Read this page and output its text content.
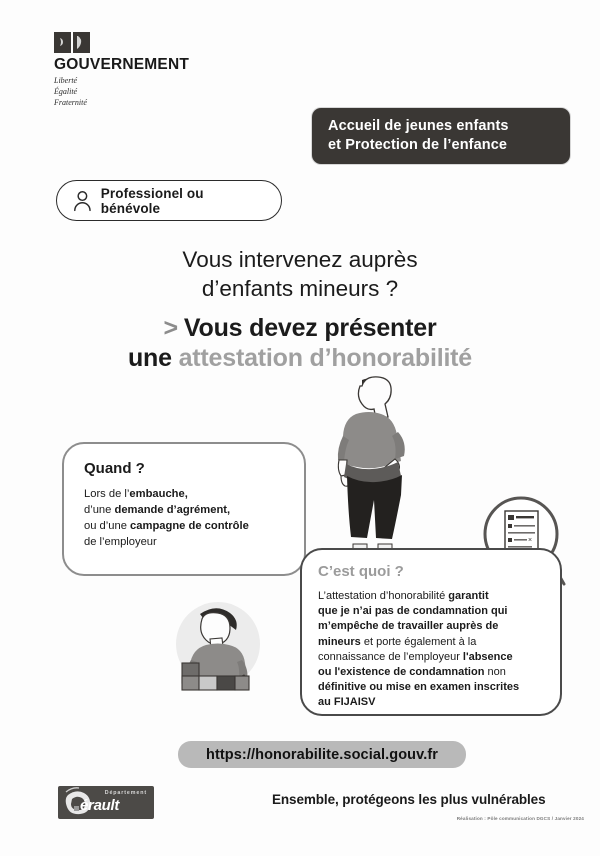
GOUVERNEMENT
Liberté
Égalité
Fraternité
Accueil de jeunes enfants
et Protection de l’enfance
Professionel ou bénévole
Vous intervenez auprès
d’enfants mineurs ?
> Vous devez présenter
une attestation d’honorabilité
Quand ?
Lors de l’embauche,
d’une demande d’agrément,
ou d’une campagne de contrôle
de l’employeur	×
C’est quoi ?
L’attestation d’honorabilité garantit
que je n’ai pas de condamnation qui
m’empêche de travailler auprès de
mineurs et porte également à la
connaissance de l’employeur l'absence
ou l'existence de condamnation non
définitive ou mise en examen inscrites
au FIJAISV
https://honorabilite.social.gouv.fr
Département
érault	Ensemble, protégeons les plus vulnérables
Réalisation : Pôle communication DGCS / Janvier 2024
